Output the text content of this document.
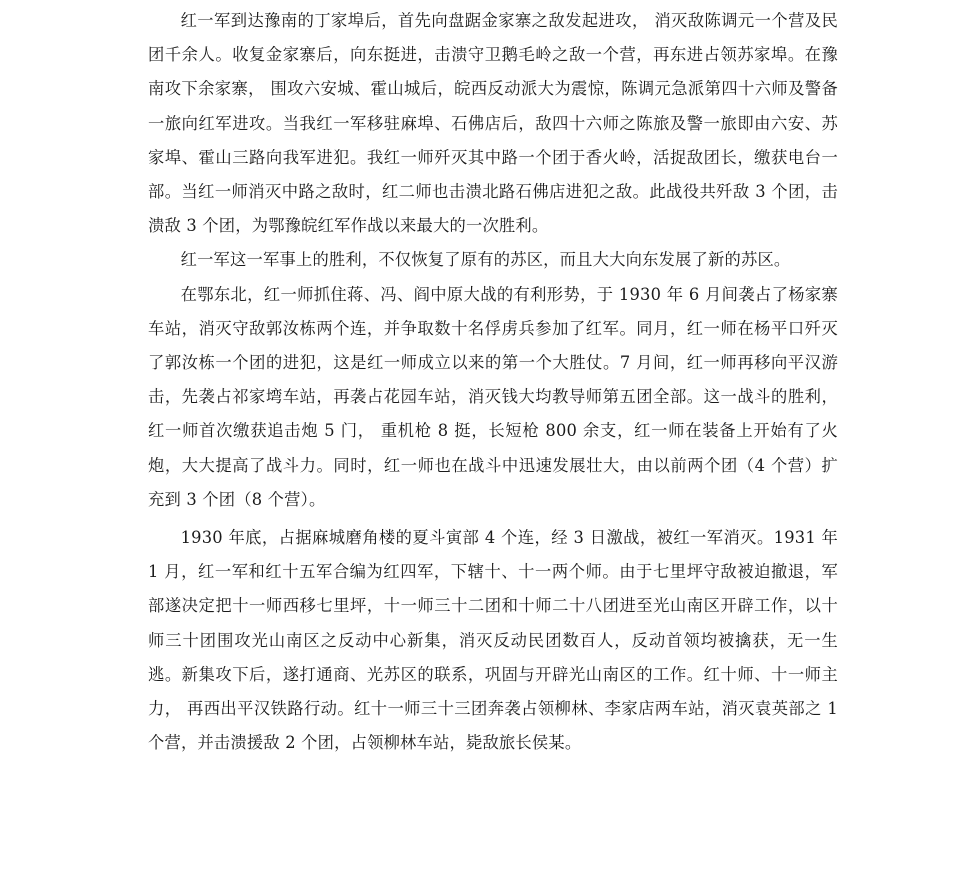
红一军到达豫南的丁家埠后，首先向盘踞金家寨之敌发起进攻， 消灭敌陈调元一个营及民团千余人。收复金家寨后，向东挺进，击溃守卫鹅毛岭之敌一个营，再东进占领苏家埠。在豫南攻下余家寨， 围攻六安城、霍山城后，皖西反动派大为震惊，陈调元急派第四十六师及警备一旅向红军进攻。当我红一军移驻麻埠、石佛店后，敌四十六师之陈旅及警一旅即由六安、苏家埠、霍山三路向我军进犯。我红一师歼灭其中路一个团于香火岭，活捉敌团长，缴获电台一部。当红一师消灭中路之敌时，红二师也击溃北路石佛店进犯之敌。此战役共歼敌 3 个团，击溃敌 3 个团，为鄂豫皖红军作战以来最大的一次胜利。

红一军这一军事上的胜利，不仅恢复了原有的苏区，而且大大向东发展了新的苏区。

在鄂东北，红一师抓住蒋、冯、阎中原大战的有利形势，于 1930 年 6 月间袭占了杨家寨车站，消灭守敌郭汝栋两个连，并争取数十名俘虏兵参加了红军。同月，红一师在杨平口歼灭了郭汝栋一个团的进犯，这是红一师成立以来的第一个大胜仗。7 月间，红一师再移向平汉游击，先袭占祁家塆车站，再袭占花园车站，消灭钱大均教导师第五团全部。这一战斗的胜利，红一师首次缴获追击炮 5 门， 重机枪 8 挺，长短枪 800 余支，红一师在装备上开始有了火炮，大大提高了战斗力。同时，红一师也在战斗中迅速发展壮大，由以前两个团（4 个营）扩充到 3 个团（8 个营）。

1930 年底，占据麻城磨角楼的夏斗寅部 4 个连，经 3 日激战，被红一军消灭。1931 年 1 月，红一军和红十五军合编为红四军，下辖十、十一两个师。由于七里坪守敌被迫撤退，军部遂决定把十一师西移七里坪，十一师三十二团和十师二十八团进至光山南区开辟工作，以十师三十团围攻光山南区之反动中心新集，消灭反动民团数百人，反动首领均被擒获，无一生逃。新集攻下后，遂打通商、光苏区的联系，巩固与开辟光山南区的工作。红十师、十一师主力， 再西出平汉铁路行动。红十一师三十三团奔袭占领柳林、李家店两车站，消灭袁英部之 1 个营，并击溃援敌 2 个团，占领柳林车站，毙敌旅长侯某。
